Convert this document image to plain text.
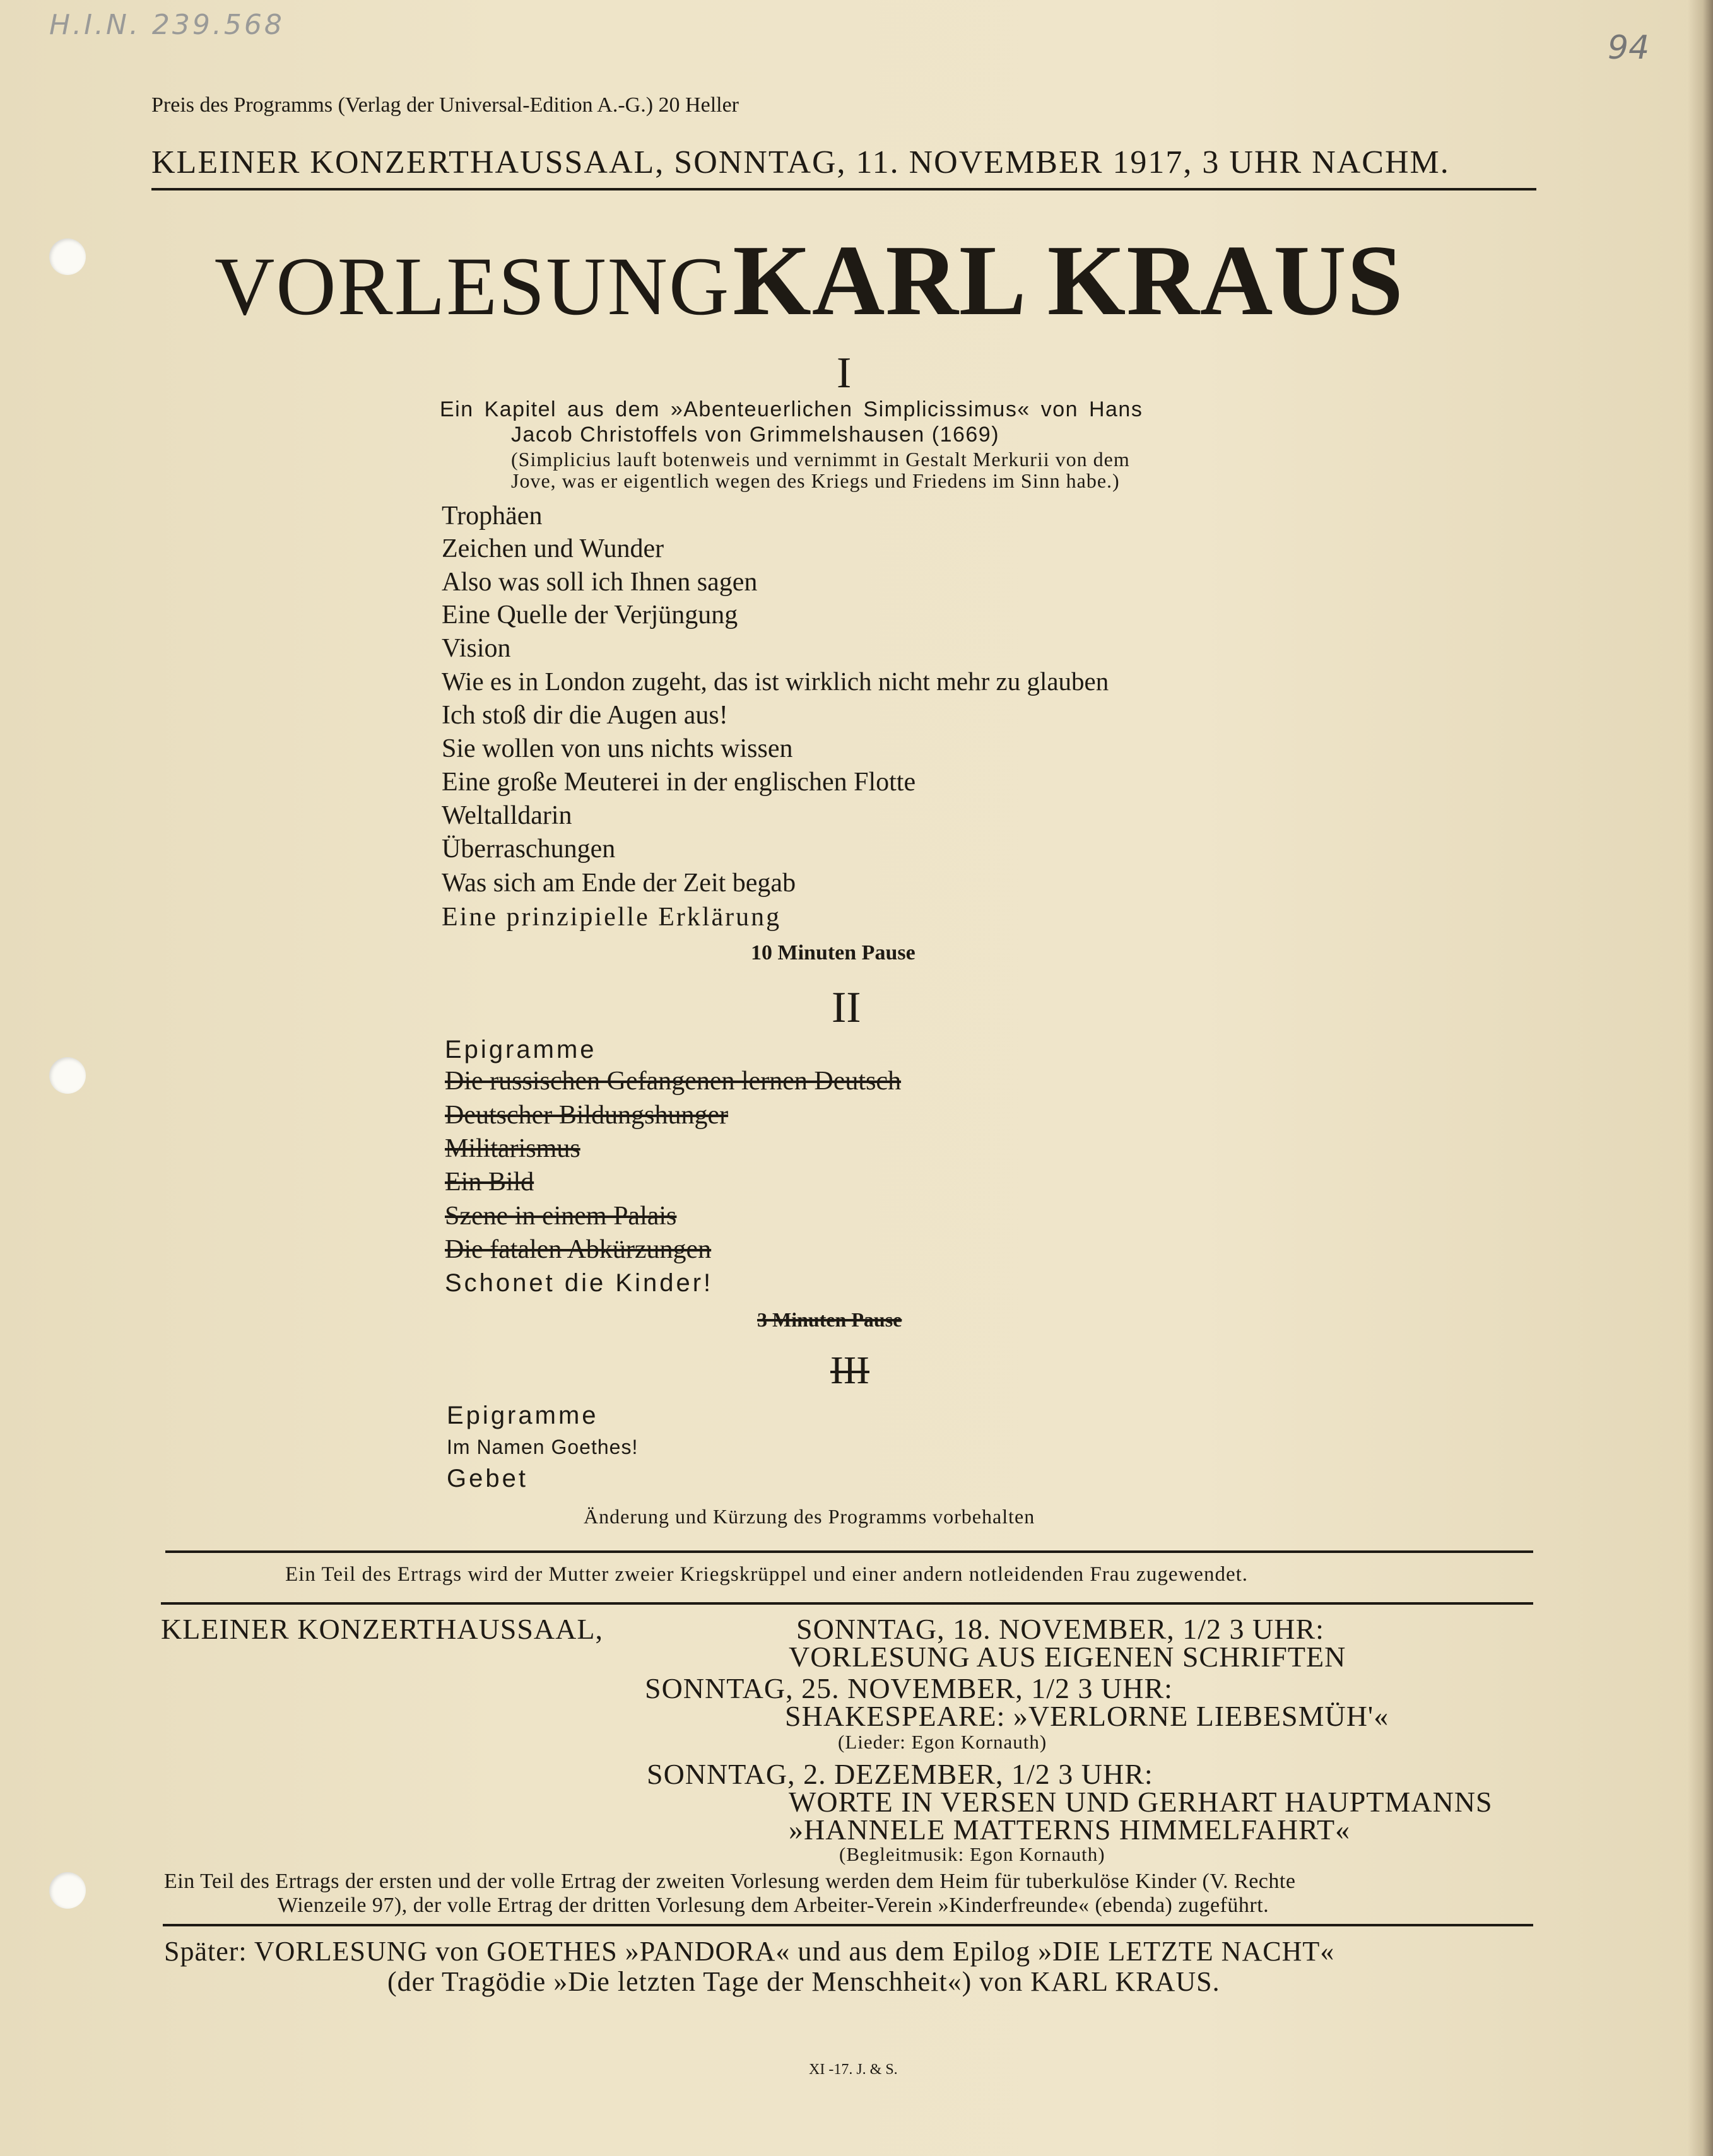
H.I.N. 239.568
94
Preis des Programms (Verlag der Universal-Edition A.-G.) 20 Heller
KLEINER KONZERTHAUSSAAL, SONNTAG, 11. NOVEMBER 1917, 3 UHR NACHM.
VORLESUNG KARL KRAUS
I
Ein Kapitel aus dem »Abenteuerlichen Simplicissimus« von Hans
Jacob Christoffels von Grimmelshausen (1669)
(Simplicius lauft botenweis und vernimmt in Gestalt Merkurii von dem
Jove, was er eigentlich wegen des Kriegs und Friedens im Sinn habe.)
Trophäen
Zeichen und Wunder
Also was soll ich Ihnen sagen
Eine Quelle der Verjüngung
Vision
Wie es in London zugeht, das ist wirklich nicht mehr zu glauben
Ich stoß dir die Augen aus!
Sie wollen von uns nichts wissen
Eine große Meuterei in der englischen Flotte
Weltalldarin
Überraschungen
Was sich am Ende der Zeit begab
Eine prinzipielle Erklärung
10 Minuten Pause
II
Epigramme
Die russischen Gefangenen lernen Deutsch
Deutscher Bildungshunger
Militarismus
Ein Bild
Szene in einem Palais
Die fatalen Abkürzungen
Schonet die Kinder!
3 Minuten Pause
III
Epigramme
Im Namen Goethes!
Gebet
Änderung und Kürzung des Programms vorbehalten
Ein Teil des Ertrags wird der Mutter zweier Kriegskrüppel und einer andern notleidenden Frau zugewendet.
KLEINER KONZERTHAUSSAAL,	SONNTAG, 18. NOVEMBER, 1/2 3 UHR:
VORLESUNG AUS EIGENEN SCHRIFTEN
SONNTAG, 25. NOVEMBER, 1/2 3 UHR:
SHAKESPEARE: »VERLORNE LIEBESMÜH'«
(Lieder: Egon Kornauth)
SONNTAG, 2. DEZEMBER, 1/2 3 UHR:
WORTE IN VERSEN UND GERHART HAUPTMANNS
»HANNELE MATTERNS HIMMELFAHRT«
(Begleitmusik: Egon Kornauth)
Ein Teil des Ertrags der ersten und der volle Ertrag der zweiten Vorlesung werden dem Heim für tuberkulöse Kinder (V. Rechte
Wienzeile 97), der volle Ertrag der dritten Vorlesung dem Arbeiter-Verein »Kinderfreunde« (ebenda) zugeführt.
Später: VORLESUNG von GOETHES »PANDORA« und aus dem Epilog »DIE LETZTE NACHT«
(der Tragödie »Die letzten Tage der Menschheit«) von KARL KRAUS.
XI -17. J. & S.
